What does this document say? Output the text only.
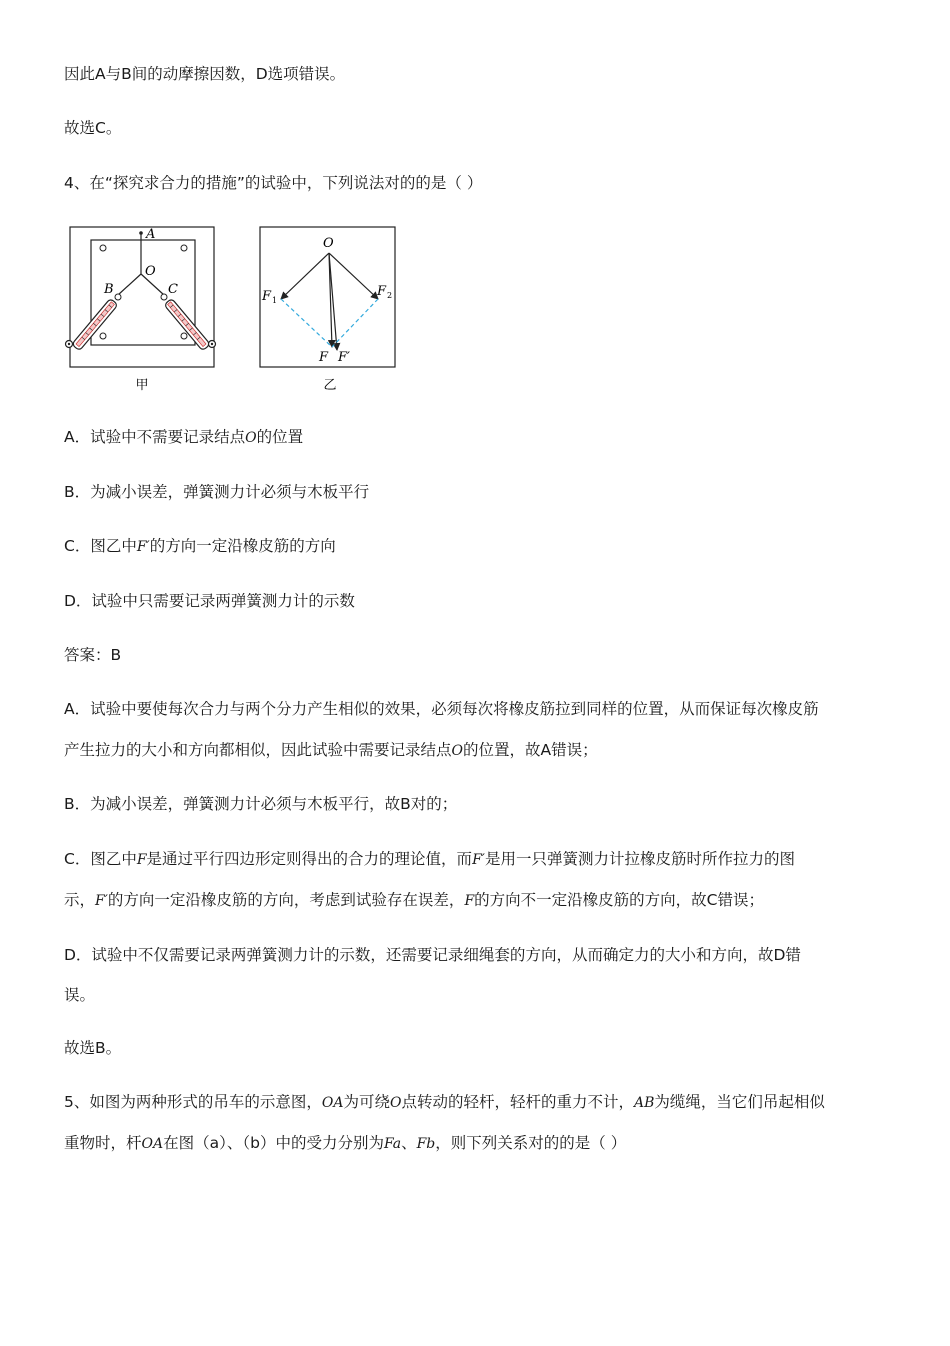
因此A与B间的动摩擦因数，D选项错误。
故选C。
4、在“探究求合力的措施”的试验中，下列说法对的的是（ ）
A
O
B	C
甲
O
F 1
F 2
F F′
乙
A．试验中不需要记录结点O的位置
B．为减小误差，弹簧测力计必须与木板平行
C．图乙中F′的方向一定沿橡皮筋的方向
D．试验中只需要记录两弹簧测力计的示数
答案：B
A．试验中要使每次合力与两个分力产生相似的效果，必须每次将橡皮筋拉到同样的位置，从而保证每次橡皮筋
产生拉力的大小和方向都相似，因此试验中需要记录结点O的位置，故A错误；
B．为减小误差，弹簧测力计必须与木板平行，故B对的；
C．图乙中F是通过平行四边形定则得出的合力的理论值，而F′是用一只弹簧测力计拉橡皮筋时所作拉力的图
示，F′的方向一定沿橡皮筋的方向，考虑到试验存在误差，F的方向不一定沿橡皮筋的方向，故C错误；
D．试验中不仅需要记录两弹簧测力计的示数，还需要记录细绳套的方向，从而确定力的大小和方向，故D错
误。
故选B。
5、如图为两种形式的吊车的示意图，OA为可绕O点转动的轻杆，轻杆的重力不计，AB为缆绳，当它们吊起相似
重物时，杆OA在图（a）、（b）中的受力分别为Fa、Fb，则下列关系对的的是（ ）
